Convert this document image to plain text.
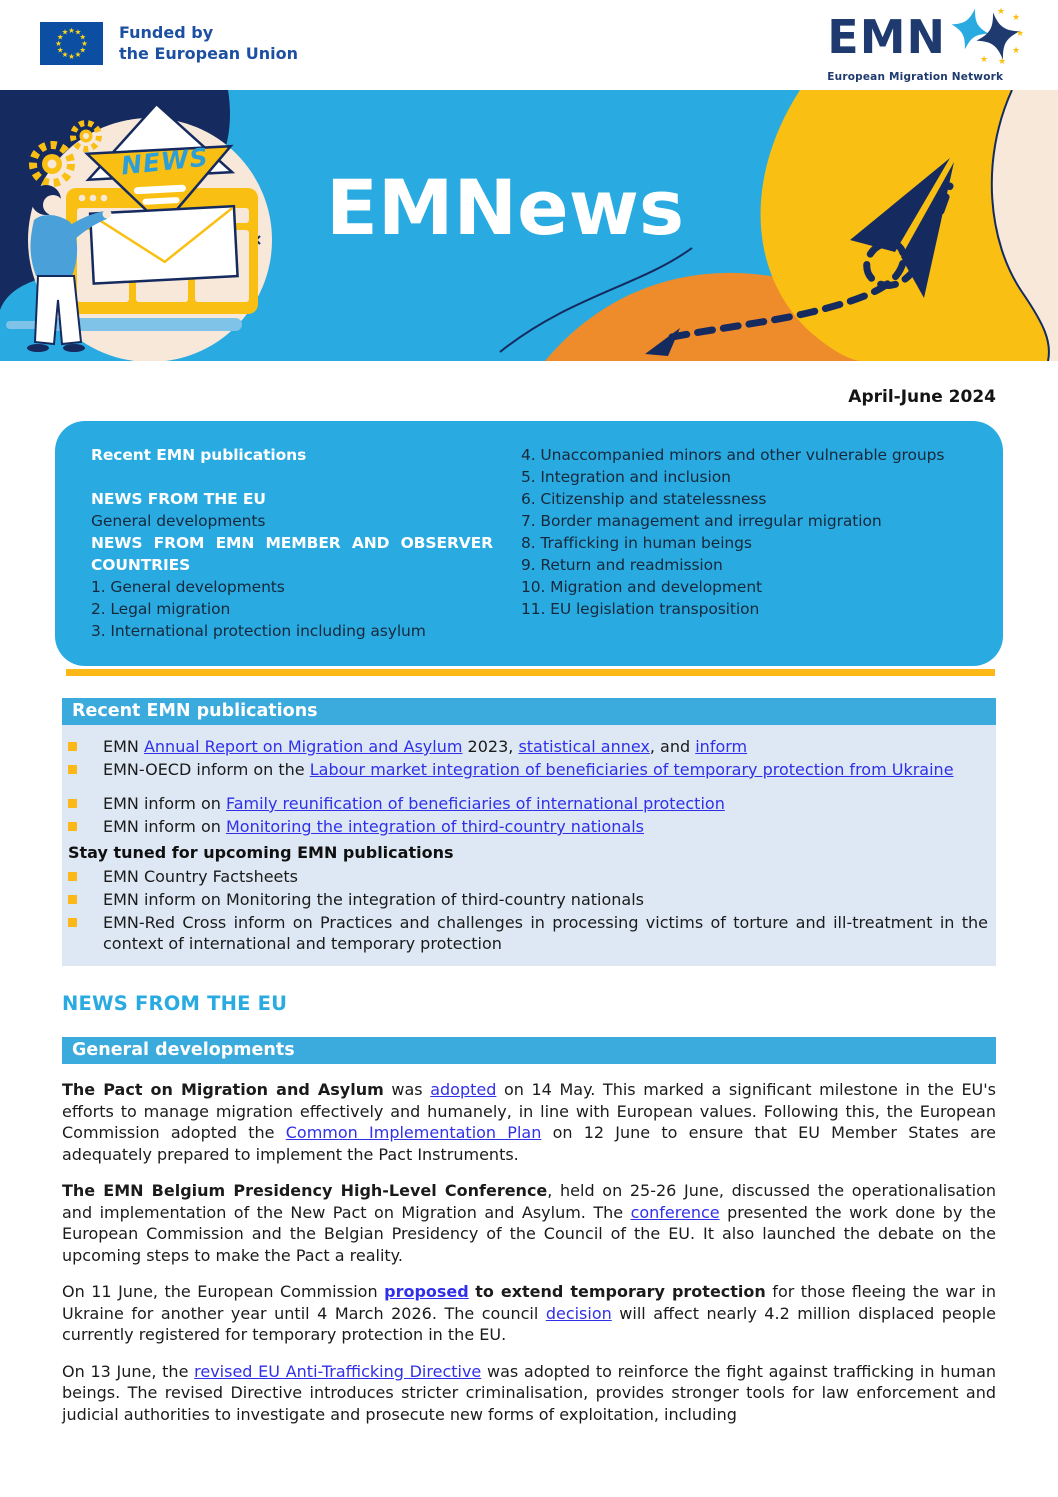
★ ★
★
★
★
★
★
★
★
★
★
★	Funded by
the European Union	EMN	★
★
★
★
★
★
European Migration Network
EMNews
NEWS
April-June 2024
Recent EMN publications
NEWS FROM THE EU
General developments
NEWS FROM EMN MEMBER AND OBSERVER COUNTRIES
1. General developments
2. Legal migration
3. International protection including asylum
4. Unaccompanied minors and other vulnerable groups
5. Integration and inclusion
6. Citizenship and statelessness
7. Border management and irregular migration
8. Trafficking in human beings
9. Return and readmission
10. Migration and development
11. EU legislation transposition
Recent EMN publications
EMN Annual Report on Migration and Asylum 2023, statistical annex, and inform
EMN-OECD inform on the Labour market integration of beneficiaries of temporary protection from Ukraine
EMN inform on Family reunification of beneficiaries of international protection
EMN inform on Monitoring the integration of third-country nationals
Stay tuned for upcoming EMN publications
EMN Country Factsheets
EMN inform on Monitoring the integration of third-country nationals
EMN-Red Cross inform on Practices and challenges in processing victims of torture and ill-treatment in the context of international and temporary protection
NEWS FROM THE EU
General developments

The Pact on Migration and Asylum was adopted on 14 May. This marked a significant milestone in the EU's efforts to manage migration effectively and humanely, in line with European values. Following this, the European Commission adopted the Common Implementation Plan on 12 June to ensure that EU Member States are adequately prepared to implement the Pact Instruments.

The EMN Belgium Presidency High-Level Conference, held on 25-26 June, discussed the operationalisation and implementation of the New Pact on Migration and Asylum. The conference presented the work done by the European Commission and the Belgian Presidency of the Council of the EU. It also launched the debate on the upcoming steps to make the Pact a reality.

On 11 June, the European Commission proposed to extend temporary protection for those fleeing the war in Ukraine for another year until 4 March 2026. The council decision will affect nearly 4.2 million displaced people currently registered for temporary protection in the EU.

On 13 June, the revised EU Anti-Trafficking Directive was adopted to reinforce the fight against trafficking in human beings. The revised Directive introduces stricter criminalisation, provides stronger tools for law enforcement and judicial authorities to investigate and prosecute new forms of exploitation, including
